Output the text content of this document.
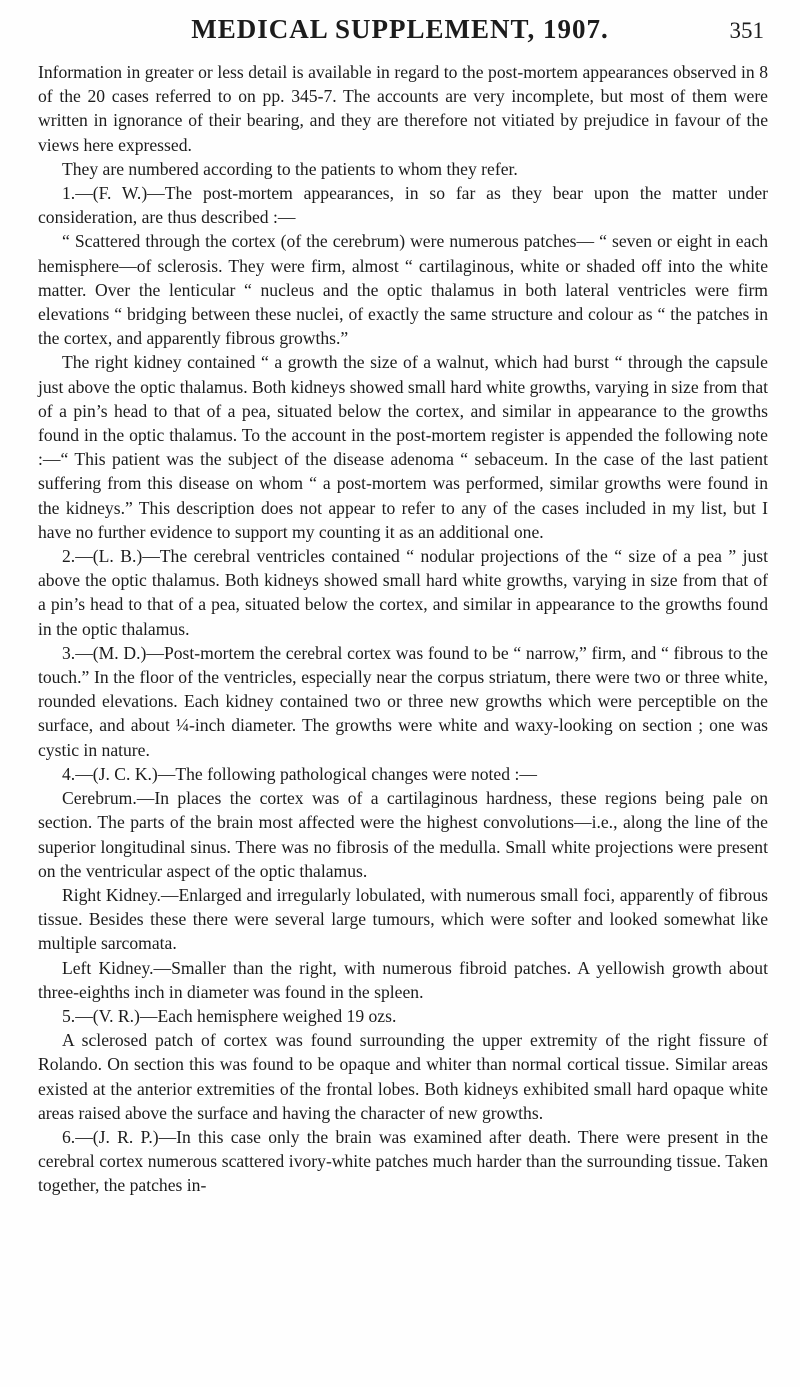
MEDICAL SUPPLEMENT, 1907.	351

Information in greater or less detail is available in regard to the post-mortem appearances observed in 8 of the 20 cases referred to on pp. 345-7. The accounts are very incomplete, but most of them were written in ignorance of their bearing, and they are therefore not vitiated by prejudice in favour of the views here expressed.

They are numbered according to the patients to whom they refer.

1.—(F. W.)—The post-mortem appearances, in so far as they bear upon the matter under consideration, are thus described :—

“ Scattered through the cortex (of the cerebrum) were numerous patches— “ seven or eight in each hemisphere—of sclerosis. They were firm, almost “ cartilaginous, white or shaded off into the white matter. Over the lenticular “ nucleus and the optic thalamus in both lateral ventricles were firm elevations “ bridging between these nuclei, of exactly the same structure and colour as “ the patches in the cortex, and apparently fibrous growths.”

The right kidney contained “ a growth the size of a walnut, which had burst “ through the capsule just above the optic thalamus. Both kidneys showed small hard white growths, varying in size from that of a pin’s head to that of a pea, situated below the cortex, and similar in appearance to the growths found in the optic thalamus. To the account in the post-mortem register is appended the following note :—“ This patient was the subject of the disease adenoma “ sebaceum. In the case of the last patient suffering from this disease on whom “ a post-mortem was performed, similar growths were found in the kidneys.” This description does not appear to refer to any of the cases included in my list, but I have no further evidence to support my counting it as an additional one.

2.—(L. B.)—The cerebral ventricles contained “ nodular projections of the “ size of a pea ” just above the optic thalamus. Both kidneys showed small hard white growths, varying in size from that of a pin’s head to that of a pea, situated below the cortex, and similar in appearance to the growths found in the optic thalamus.

3.—(M. D.)—Post-mortem the cerebral cortex was found to be “ narrow,” firm, and “ fibrous to the touch.” In the floor of the ventricles, especially near the corpus striatum, there were two or three white, rounded elevations. Each kidney contained two or three new growths which were perceptible on the surface, and about ¼-inch diameter. The growths were white and waxy-looking on section ; one was cystic in nature.

4.—(J. C. K.)—The following pathological changes were noted :—

Cerebrum.—In places the cortex was of a cartilaginous hardness, these regions being pale on section. The parts of the brain most affected were the highest convolutions—i.e., along the line of the superior longitudinal sinus. There was no fibrosis of the medulla. Small white projections were present on the ventricular aspect of the optic thalamus.

Right Kidney.—Enlarged and irregularly lobulated, with numerous small foci, apparently of fibrous tissue. Besides these there were several large tumours, which were softer and looked somewhat like multiple sarcomata.

Left Kidney.—Smaller than the right, with numerous fibroid patches. A yellowish growth about three-eighths inch in diameter was found in the spleen.

5.—(V. R.)—Each hemisphere weighed 19 ozs.

A sclerosed patch of cortex was found surrounding the upper extremity of the right fissure of Rolando. On section this was found to be opaque and whiter than normal cortical tissue. Similar areas existed at the anterior extremities of the frontal lobes. Both kidneys exhibited small hard opaque white areas raised above the surface and having the character of new growths.

6.—(J. R. P.)—In this case only the brain was examined after death. There were present in the cerebral cortex numerous scattered ivory-white patches much harder than the surrounding tissue. Taken together, the patches in-
